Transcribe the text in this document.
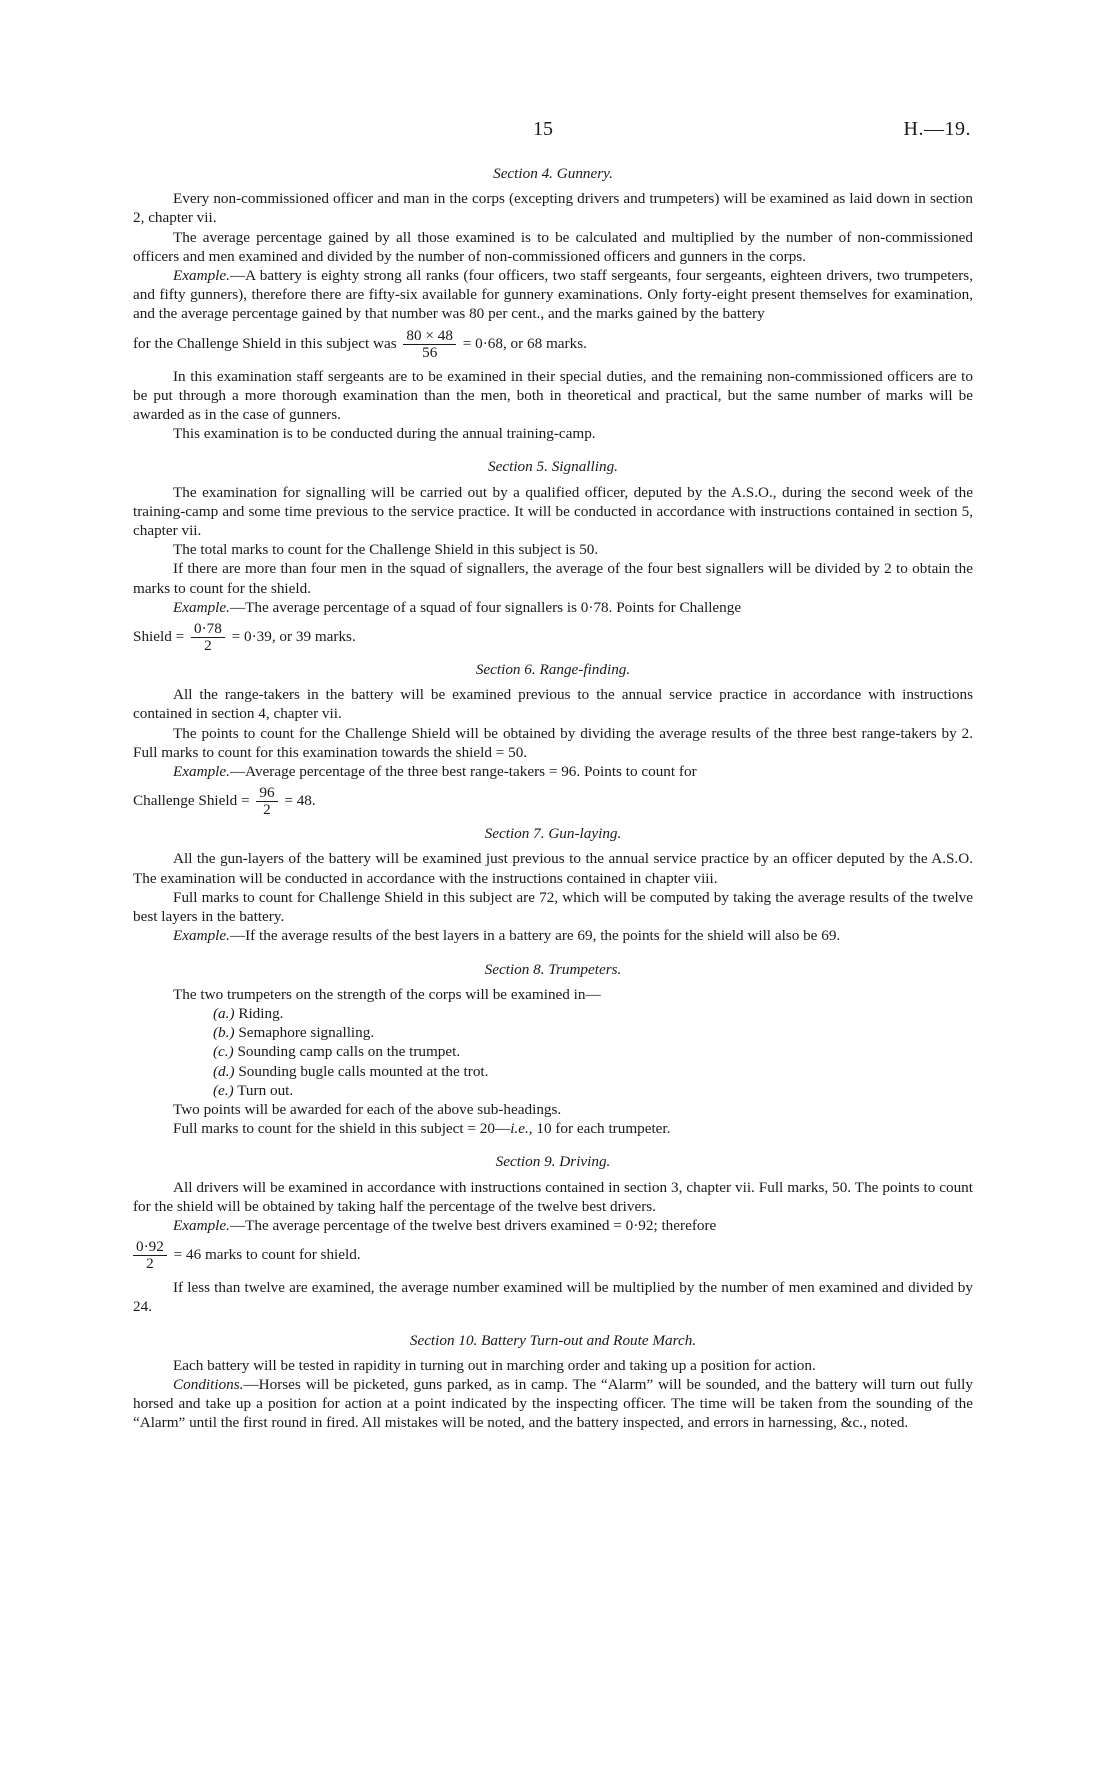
15	H.—19.
Section 4. Gunnery.

Every non-commissioned officer and man in the corps (excepting drivers and trumpeters) will be examined as laid down in section 2, chapter vii.

The average percentage gained by all those examined is to be calculated and multiplied by the number of non-commissioned officers and men examined and divided by the number of non-commissioned officers and gunners in the corps.

Example.—A battery is eighty strong all ranks (four officers, two staff sergeants, four sergeants, eighteen drivers, two trumpeters, and fifty gunners), therefore there are fifty-six available for gunnery examinations. Only forty-eight present themselves for examination, and the average percentage gained by that number was 80 per cent., and the marks gained by the battery

for the Challenge Shield in this subject was $\frac{80 \times 48}{56} = 0\cdot 68$, or 68 marks.

In this examination staff sergeants are to be examined in their special duties, and the remaining non-commissioned officers are to be put through a more thorough examination than the men, both in theoretical and practical, but the same number of marks will be awarded as in the case of gunners.

This examination is to be conducted during the annual training-camp.

Section 5. Signalling.

The examination for signalling will be carried out by a qualified officer, deputed by the A.S.O., during the second week of the training-camp and some time previous to the service practice. It will be conducted in accordance with instructions contained in section 5, chapter vii.

The total marks to count for the Challenge Shield in this subject is 50.

If there are more than four men in the squad of signallers, the average of the four best signallers will be divided by 2 to obtain the marks to count for the shield.

Example.—The average percentage of a squad of four signallers is 0·78. Points for Challenge

Shield = $\frac{0\cdot 78}{2} = 0\cdot 39$, or 39 marks.
Section 6. Range-finding.

All the range-takers in the battery will be examined previous to the annual service practice in accordance with instructions contained in section 4, chapter vii.

The points to count for the Challenge Shield will be obtained by dividing the average results of the three best range-takers by 2. Full marks to count for this examination towards the shield = 50.

Example.—Average percentage of the three best range-takers = 96. Points to count for

Challenge Shield = $\frac{96}{2} = 48$.
Section 7. Gun-laying.

All the gun-layers of the battery will be examined just previous to the annual service practice by an officer deputed by the A.S.O. The examination will be conducted in accordance with the instructions contained in chapter viii.

Full marks to count for Challenge Shield in this subject are 72, which will be computed by taking the average results of the twelve best layers in the battery.

Example.—If the average results of the best layers in a battery are 69, the points for the shield will also be 69.

Section 8. Trumpeters.

The two trumpeters on the strength of the corps will be examined in—

(a.) Riding.
(b.) Semaphore signalling.
(c.) Sounding camp calls on the trumpet.
(d.) Sounding bugle calls mounted at the trot.
(e.) Turn out.

Two points will be awarded for each of the above sub-headings.

Full marks to count for the shield in this subject = 20—i.e., 10 for each trumpeter.

Section 9. Driving.

All drivers will be examined in accordance with instructions contained in section 3, chapter vii. Full marks, 50. The points to count for the shield will be obtained by taking half the percentage of the twelve best drivers.

Example.—The average percentage of the twelve best drivers examined = 0·92; therefore

$\frac{0\cdot 92}{2} = 46$ marks to count for shield.

If less than twelve are examined, the average number examined will be multiplied by the number of men examined and divided by 24.

Section 10. Battery Turn-out and Route March.

Each battery will be tested in rapidity in turning out in marching order and taking up a position for action.

Conditions.—Horses will be picketed, guns parked, as in camp. The “Alarm” will be sounded, and the battery will turn out fully horsed and take up a position for action at a point indicated by the inspecting officer. The time will be taken from the sounding of the “Alarm” until the first round in fired. All mistakes will be noted, and the battery inspected, and errors in harnessing, &c., noted.
